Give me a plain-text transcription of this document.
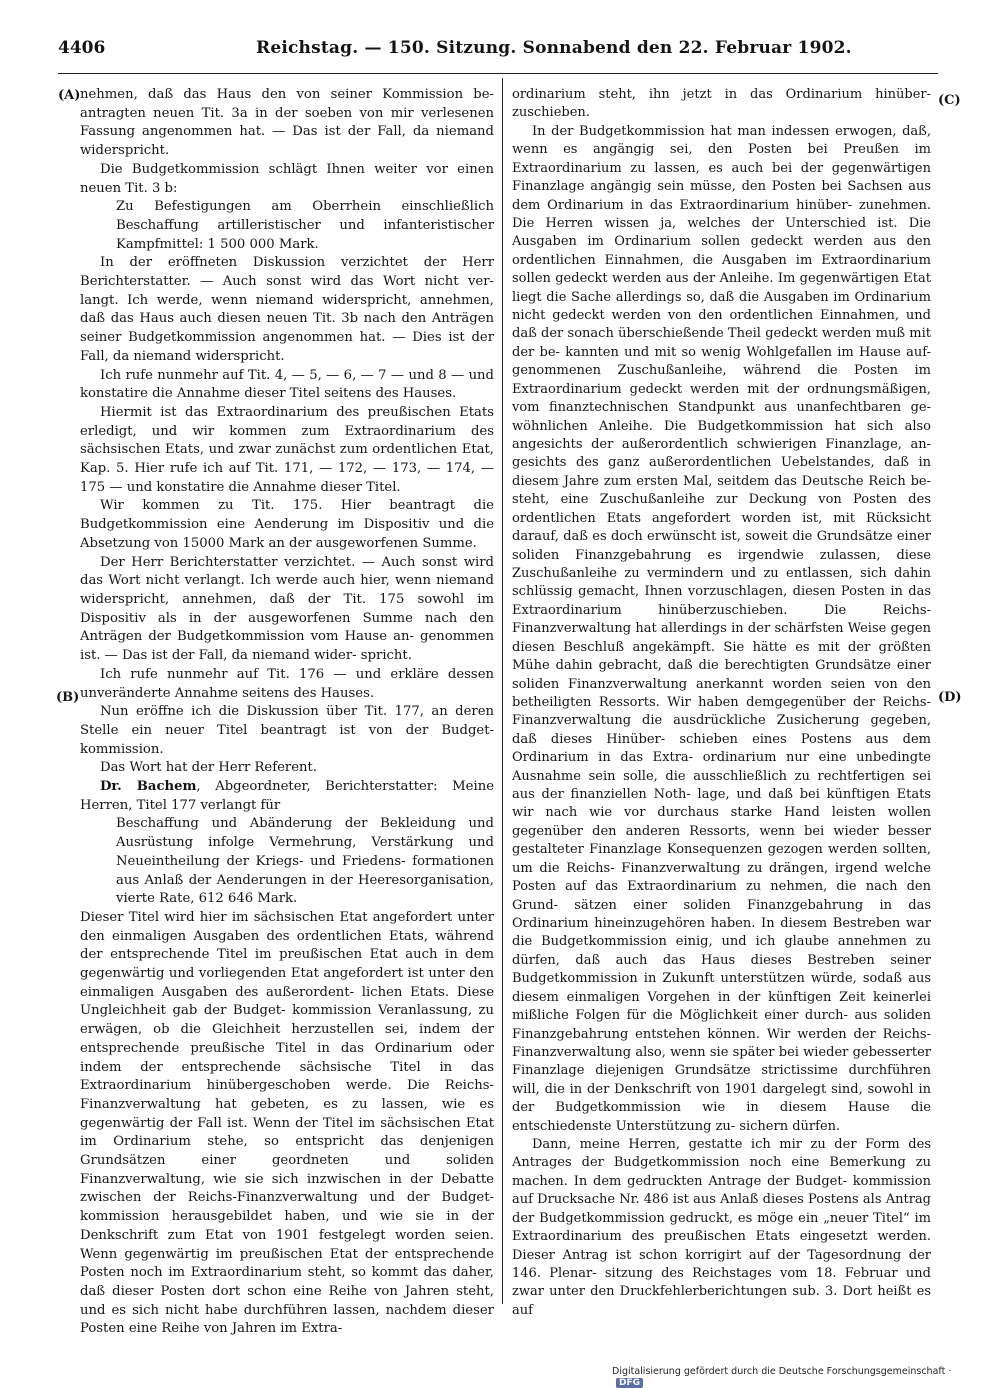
4406	Reichstag. — 150. Sitzung. Sonnabend den 22. Februar 1902.
(A)
(B)
(C)
(D)

nehmen, daß das Haus den von seiner Kommission be- antragten neuen Tit. 3a in der soeben von mir verlesenen Fassung angenommen hat. — Das ist der Fall, da niemand widerspricht.

Die Budgetkommission schlägt Ihnen weiter vor einen neuen Tit. 3 b:

Zu Befestigungen am Oberrhein einschließlich Beschaffung artilleristischer und infanteristischer Kampfmittel: 1 500 000 Mark.

In der eröffneten Diskussion verzichtet der Herr Berichterstatter. — Auch sonst wird das Wort nicht ver- langt. Ich werde, wenn niemand widerspricht, annehmen, daß das Haus auch diesen neuen Tit. 3b nach den Anträgen seiner Budgetkommission angenommen hat. — Dies ist der Fall, da niemand widerspricht.

Ich rufe nunmehr auf Tit. 4, — 5, — 6, — 7 — und 8 — und konstatire die Annahme dieser Titel seitens des Hauses.

Hiermit ist das Extraordinarium des preußischen Etats erledigt, und wir kommen zum Extraordinarium des sächsischen Etats, und zwar zunächst zum ordentlichen Etat, Kap. 5. Hier rufe ich auf Tit. 171, — 172, — 173, — 174, — 175 — und konstatire die Annahme dieser Titel.

Wir kommen zu Tit. 175. Hier beantragt die Budgetkommission eine Aenderung im Dispositiv und die Absetzung von 15000 Mark an der ausgeworfenen Summe.

Der Herr Berichterstatter verzichtet. — Auch sonst wird das Wort nicht verlangt. Ich werde auch hier, wenn niemand widerspricht, annehmen, daß der Tit. 175 sowohl im Dispositiv als in der ausgeworfenen Summe nach den Anträgen der Budgetkommission vom Hause an- genommen ist. — Das ist der Fall, da niemand wider- spricht.

Ich rufe nunmehr auf Tit. 176 — und erkläre dessen unveränderte Annahme seitens des Hauses.

Nun eröffne ich die Diskussion über Tit. 177, an deren Stelle ein neuer Titel beantragt ist von der Budget- kommission.

Das Wort hat der Herr Referent.

Dr. Bachem, Abgeordneter, Berichterstatter: Meine Herren, Titel 177 verlangt für

Beschaffung und Abänderung der Bekleidung und Ausrüstung infolge Vermehrung, Verstärkung und Neueintheilung der Kriegs- und Friedens- formationen aus Anlaß der Aenderungen in der Heeresorganisation, vierte Rate, 612 646 Mark.

Dieser Titel wird hier im sächsischen Etat angefordert unter den einmaligen Ausgaben des ordentlichen Etats, während der entsprechende Titel im preußischen Etat auch in dem gegenwärtig und vorliegenden Etat angefordert ist unter den einmaligen Ausgaben des außerordent- lichen Etats. Diese Ungleichheit gab der Budget- kommission Veranlassung, zu erwägen, ob die Gleichheit herzustellen sei, indem der entsprechende preußische Titel in das Ordinarium oder indem der entsprechende sächsische Titel in das Extraordinarium hinübergeschoben werde. Die Reichs-Finanzverwaltung hat gebeten, es zu lassen, wie es gegenwärtig der Fall ist. Wenn der Titel im sächsischen Etat im Ordinarium stehe, so entspricht das denjenigen Grundsätzen einer geordneten und soliden Finanzverwaltung, wie sie sich inzwischen in der Debatte zwischen der Reichs-Finanzverwaltung und der Budget- kommission herausgebildet haben, und wie sie in der Denkschrift zum Etat von 1901 festgelegt worden seien. Wenn gegenwärtig im preußischen Etat der entsprechende Posten noch im Extraordinarium steht, so kommt das daher, daß dieser Posten dort schon eine Reihe von Jahren steht, und es sich nicht habe durchführen lassen, nachdem dieser Posten eine Reihe von Jahren im Extra-

ordinarium steht, ihn jetzt in das Ordinarium hinüber- zuschieben.

In der Budgetkommission hat man indessen erwogen, daß, wenn es angängig sei, den Posten bei Preußen im Extraordinarium zu lassen, es auch bei der gegenwärtigen Finanzlage angängig sein müsse, den Posten bei Sachsen aus dem Ordinarium in das Extraordinarium hinüber- zunehmen. Die Herren wissen ja, welches der Unterschied ist. Die Ausgaben im Ordinarium sollen gedeckt werden aus den ordentlichen Einnahmen, die Ausgaben im Extraordinarium sollen gedeckt werden aus der Anleihe. Im gegenwärtigen Etat liegt die Sache allerdings so, daß die Ausgaben im Ordinarium nicht gedeckt werden von den ordentlichen Einnahmen, und daß der sonach überschießende Theil gedeckt werden muß mit der be- kannten und mit so wenig Wohlgefallen im Hause auf- genommenen Zuschußanleihe, während die Posten im Extraordinarium gedeckt werden mit der ordnungsmäßigen, vom finanztechnischen Standpunkt aus unanfechtbaren ge- wöhnlichen Anleihe. Die Budgetkommission hat sich also angesichts der außerordentlich schwierigen Finanzlage, an- gesichts des ganz außerordentlichen Uebelstandes, daß in diesem Jahre zum ersten Mal, seitdem das Deutsche Reich be- steht, eine Zuschußanleihe zur Deckung von Posten des ordentlichen Etats angefordert worden ist, mit Rücksicht darauf, daß es doch erwünscht ist, soweit die Grundsätze einer soliden Finanzgebahrung es irgendwie zulassen, diese Zuschußanleihe zu vermindern und zu entlassen, sich dahin schlüssig gemacht, Ihnen vorzuschlagen, diesen Posten in das Extraordinarium hinüberzuschieben. Die Reichs- Finanzverwaltung hat allerdings in der schärfsten Weise gegen diesen Beschluß angekämpft. Sie hätte es mit der größten Mühe dahin gebracht, daß die berechtigten Grundsätze einer soliden Finanzverwaltung anerkannt worden seien von den betheiligten Ressorts. Wir haben demgegenüber der Reichs-Finanzverwaltung die ausdrückliche Zusicherung gegeben, daß dieses Hinüber- schieben eines Postens aus dem Ordinarium in das Extra- ordinarium nur eine unbedingte Ausnahme sein solle, die ausschließlich zu rechtfertigen sei aus der finanziellen Noth- lage, und daß bei künftigen Etats wir nach wie vor durchaus starke Hand leisten wollen gegenüber den anderen Ressorts, wenn bei wieder besser gestalteter Finanzlage Konsequenzen gezogen werden sollten, um die Reichs- Finanzverwaltung zu drängen, irgend welche Posten auf das Extraordinarium zu nehmen, die nach den Grund- sätzen einer soliden Finanzgebahrung in das Ordinarium hineinzugehören haben. In diesem Bestreben war die Budgetkommission einig, und ich glaube annehmen zu dürfen, daß auch das Haus dieses Bestreben seiner Budgetkommission in Zukunft unterstützen würde, sodaß aus diesem einmaligen Vorgehen in der künftigen Zeit keinerlei mißliche Folgen für die Möglichkeit einer durch- aus soliden Finanzgebahrung entstehen können. Wir werden der Reichs-Finanzverwaltung also, wenn sie später bei wieder gebesserter Finanzlage diejenigen Grundsätze strictissime durchführen will, die in der Denkschrift von 1901 dargelegt sind, sowohl in der Budgetkommission wie in diesem Hause die entschiedenste Unterstützung zu- sichern dürfen.

Dann, meine Herren, gestatte ich mir zu der Form des Antrages der Budgetkommission noch eine Bemerkung zu machen. In dem gedruckten Antrage der Budget- kommission auf Drucksache Nr. 486 ist aus Anlaß dieses Postens als Antrag der Budgetkommission gedruckt, es möge ein „neuer Titel“ im Extraordinarium des preußischen Etats eingesetzt werden. Dieser Antrag ist schon korrigirt auf der Tagesordnung der 146. Plenar- sitzung des Reichstages vom 18. Februar und zwar unter den Druckfehlerberichtungen sub. 3. Dort heißt es auf

Digitalisierung gefördert durch die Deutsche Forschungsgemeinschaft ·DFG
